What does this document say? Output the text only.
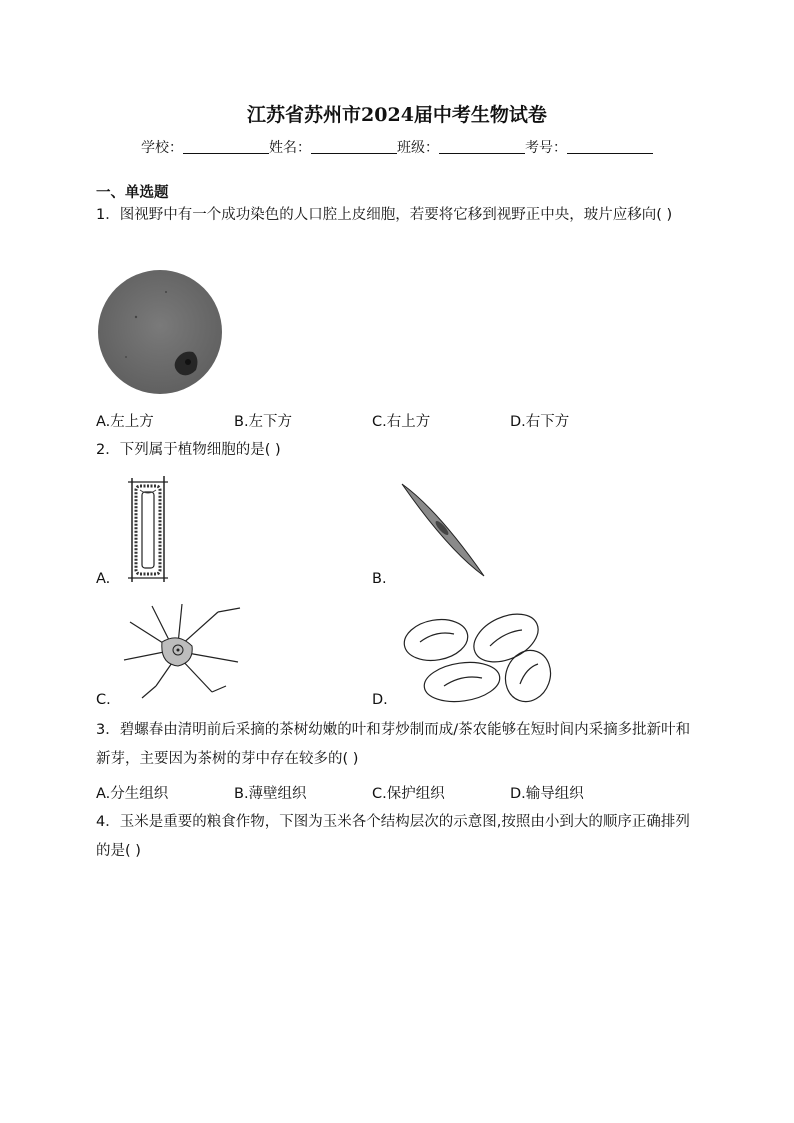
江苏省苏州市2024届中考生物试卷
学校：	姓名：	班级：	考号：
一、单选题
1．图视野中有一个成功染色的人口腔上皮细胞，若要将它移到视野正中央，玻片应移向( )
A.左上方	B.左下方	C.右上方	D.右下方
2．下列属于植物细胞的是( )
A.	B.
C.	D.
3．碧螺春由清明前后采摘的茶树幼嫩的叶和芽炒制而成/茶农能够在短时间内采摘多批新叶和新芽，主要因为茶树的芽中存在较多的( )
A.分生组织	B.薄壁组织	C.保护组织	D.输导组织
4．玉米是重要的粮食作物，下图为玉米各个结构层次的示意图,按照由小到大的顺序正确排列的是( )
